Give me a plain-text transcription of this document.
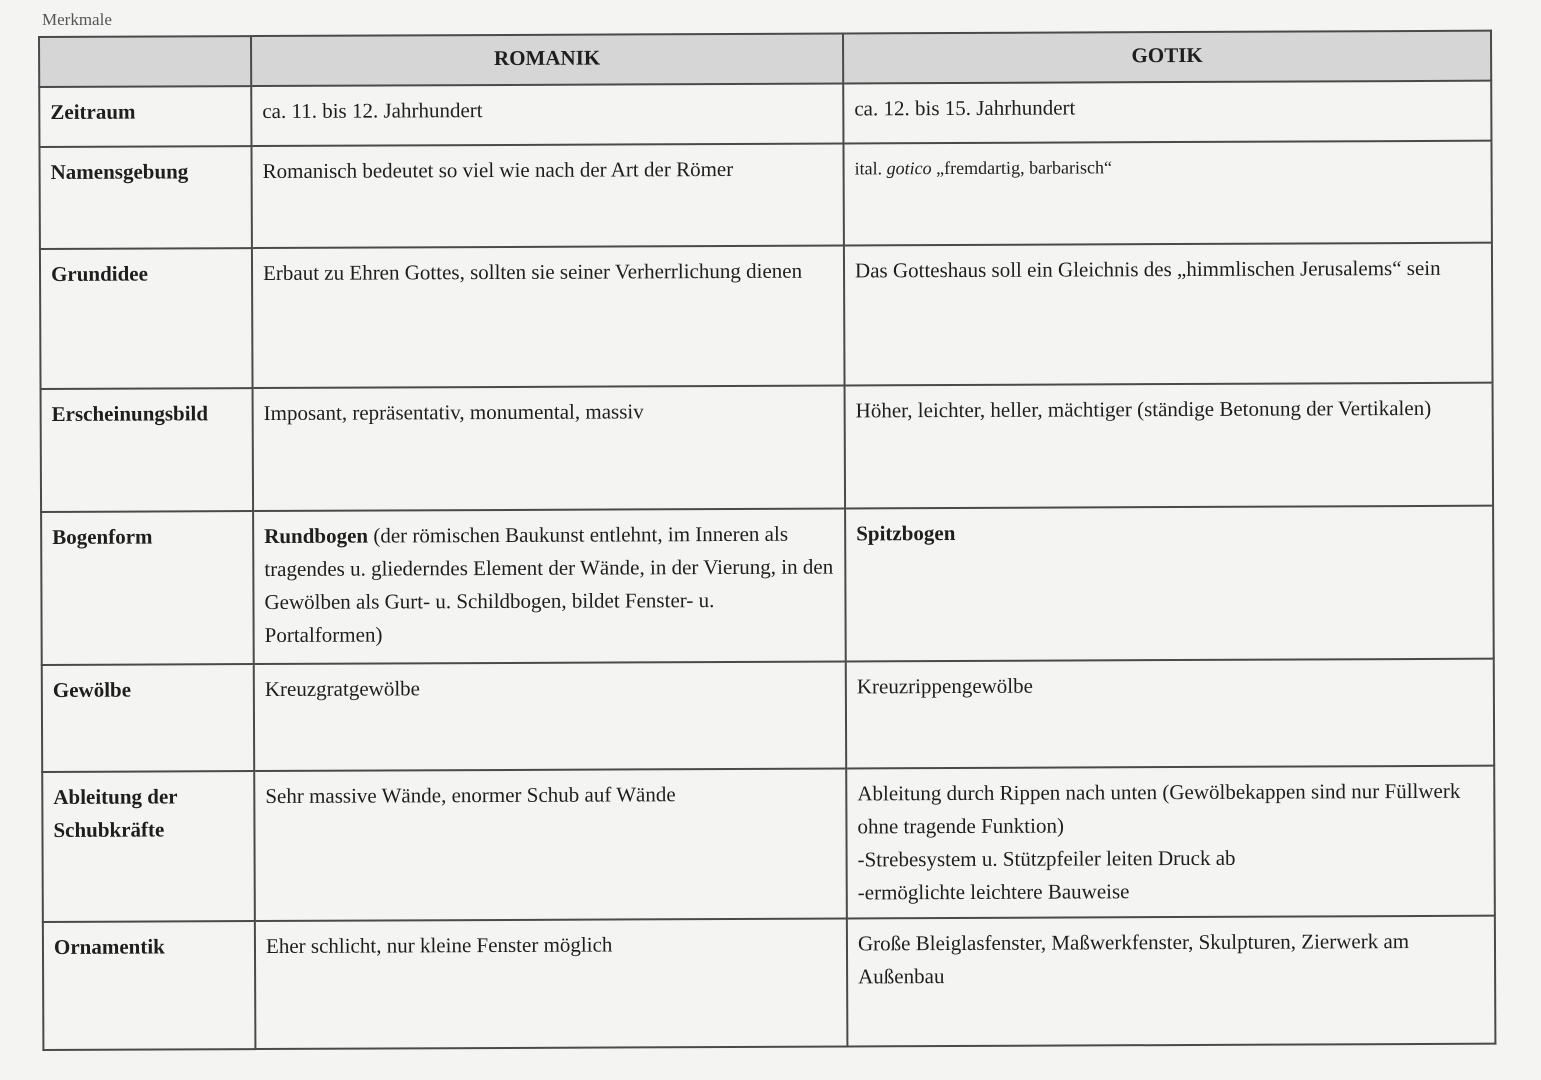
Merkmale
	ROMANIK	GOTIK
Zeitraum	ca. 11. bis 12. Jahrhundert	ca. 12. bis 15. Jahrhundert
Namensgebung	Romanisch bedeutet so viel wie nach der Art der Römer	ital. gotico „fremdartig, barbarisch“
Grundidee	Erbaut zu Ehren Gottes, sollten sie seiner Verherrlichung dienen	Das Gotteshaus soll ein Gleichnis des „himmlischen Jerusalems“ sein
Erscheinungsbild	Imposant, repräsentativ, monumental, massiv	Höher, leichter, heller, mächtiger (ständige Betonung der Vertikalen)
Bogenform	Rundbogen (der römischen Baukunst entlehnt, im Inneren als tragendes u. gliederndes Element der Wände, in der Vierung, in den Gewölben als Gurt- u. Schildbogen, bildet Fenster- u. Portalformen)	Spitzbogen
Gewölbe	Kreuzgratgewölbe	Kreuzrippengewölbe
Ableitung der Schubkräfte	Sehr massive Wände, enormer Schub auf Wände	Ableitung durch Rippen nach unten (Gewölbekappen sind nur Füllwerk ohne tragende Funktion)
-Strebesystem u. Stützpfeiler leiten Druck ab
-ermöglichte leichtere Bauweise

Ornamentik	Eher schlicht, nur kleine Fenster möglich	Große Bleiglasfenster, Maßwerkfenster, Skulpturen, Zierwerk am Außenbau
